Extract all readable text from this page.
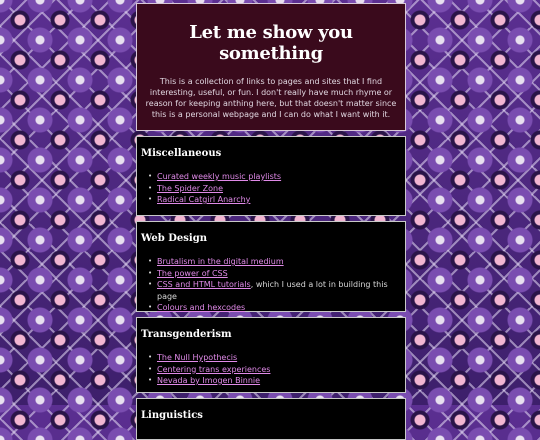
Let me show you something

This is a collection of links to pages and sites that I find interesting, useful, or fun. I don't really have much rhyme or reason for keeping anthing here, but that doesn't matter since this is a personal webpage and I can do what I want with it.

Miscellaneous
• Curated weekly music playlists
• The Spider Zone
• Radical Catgirl Anarchy
Web Design
• Brutalism in the digital medium
• The power of CSS
• CSS and HTML tutorials, which I used a lot in building this page
• Colours and hexcodes
Transgenderism
• The Null Hypothecis
• Centering trans experiences
• Nevada by Imogen Binnie
Linguistics
